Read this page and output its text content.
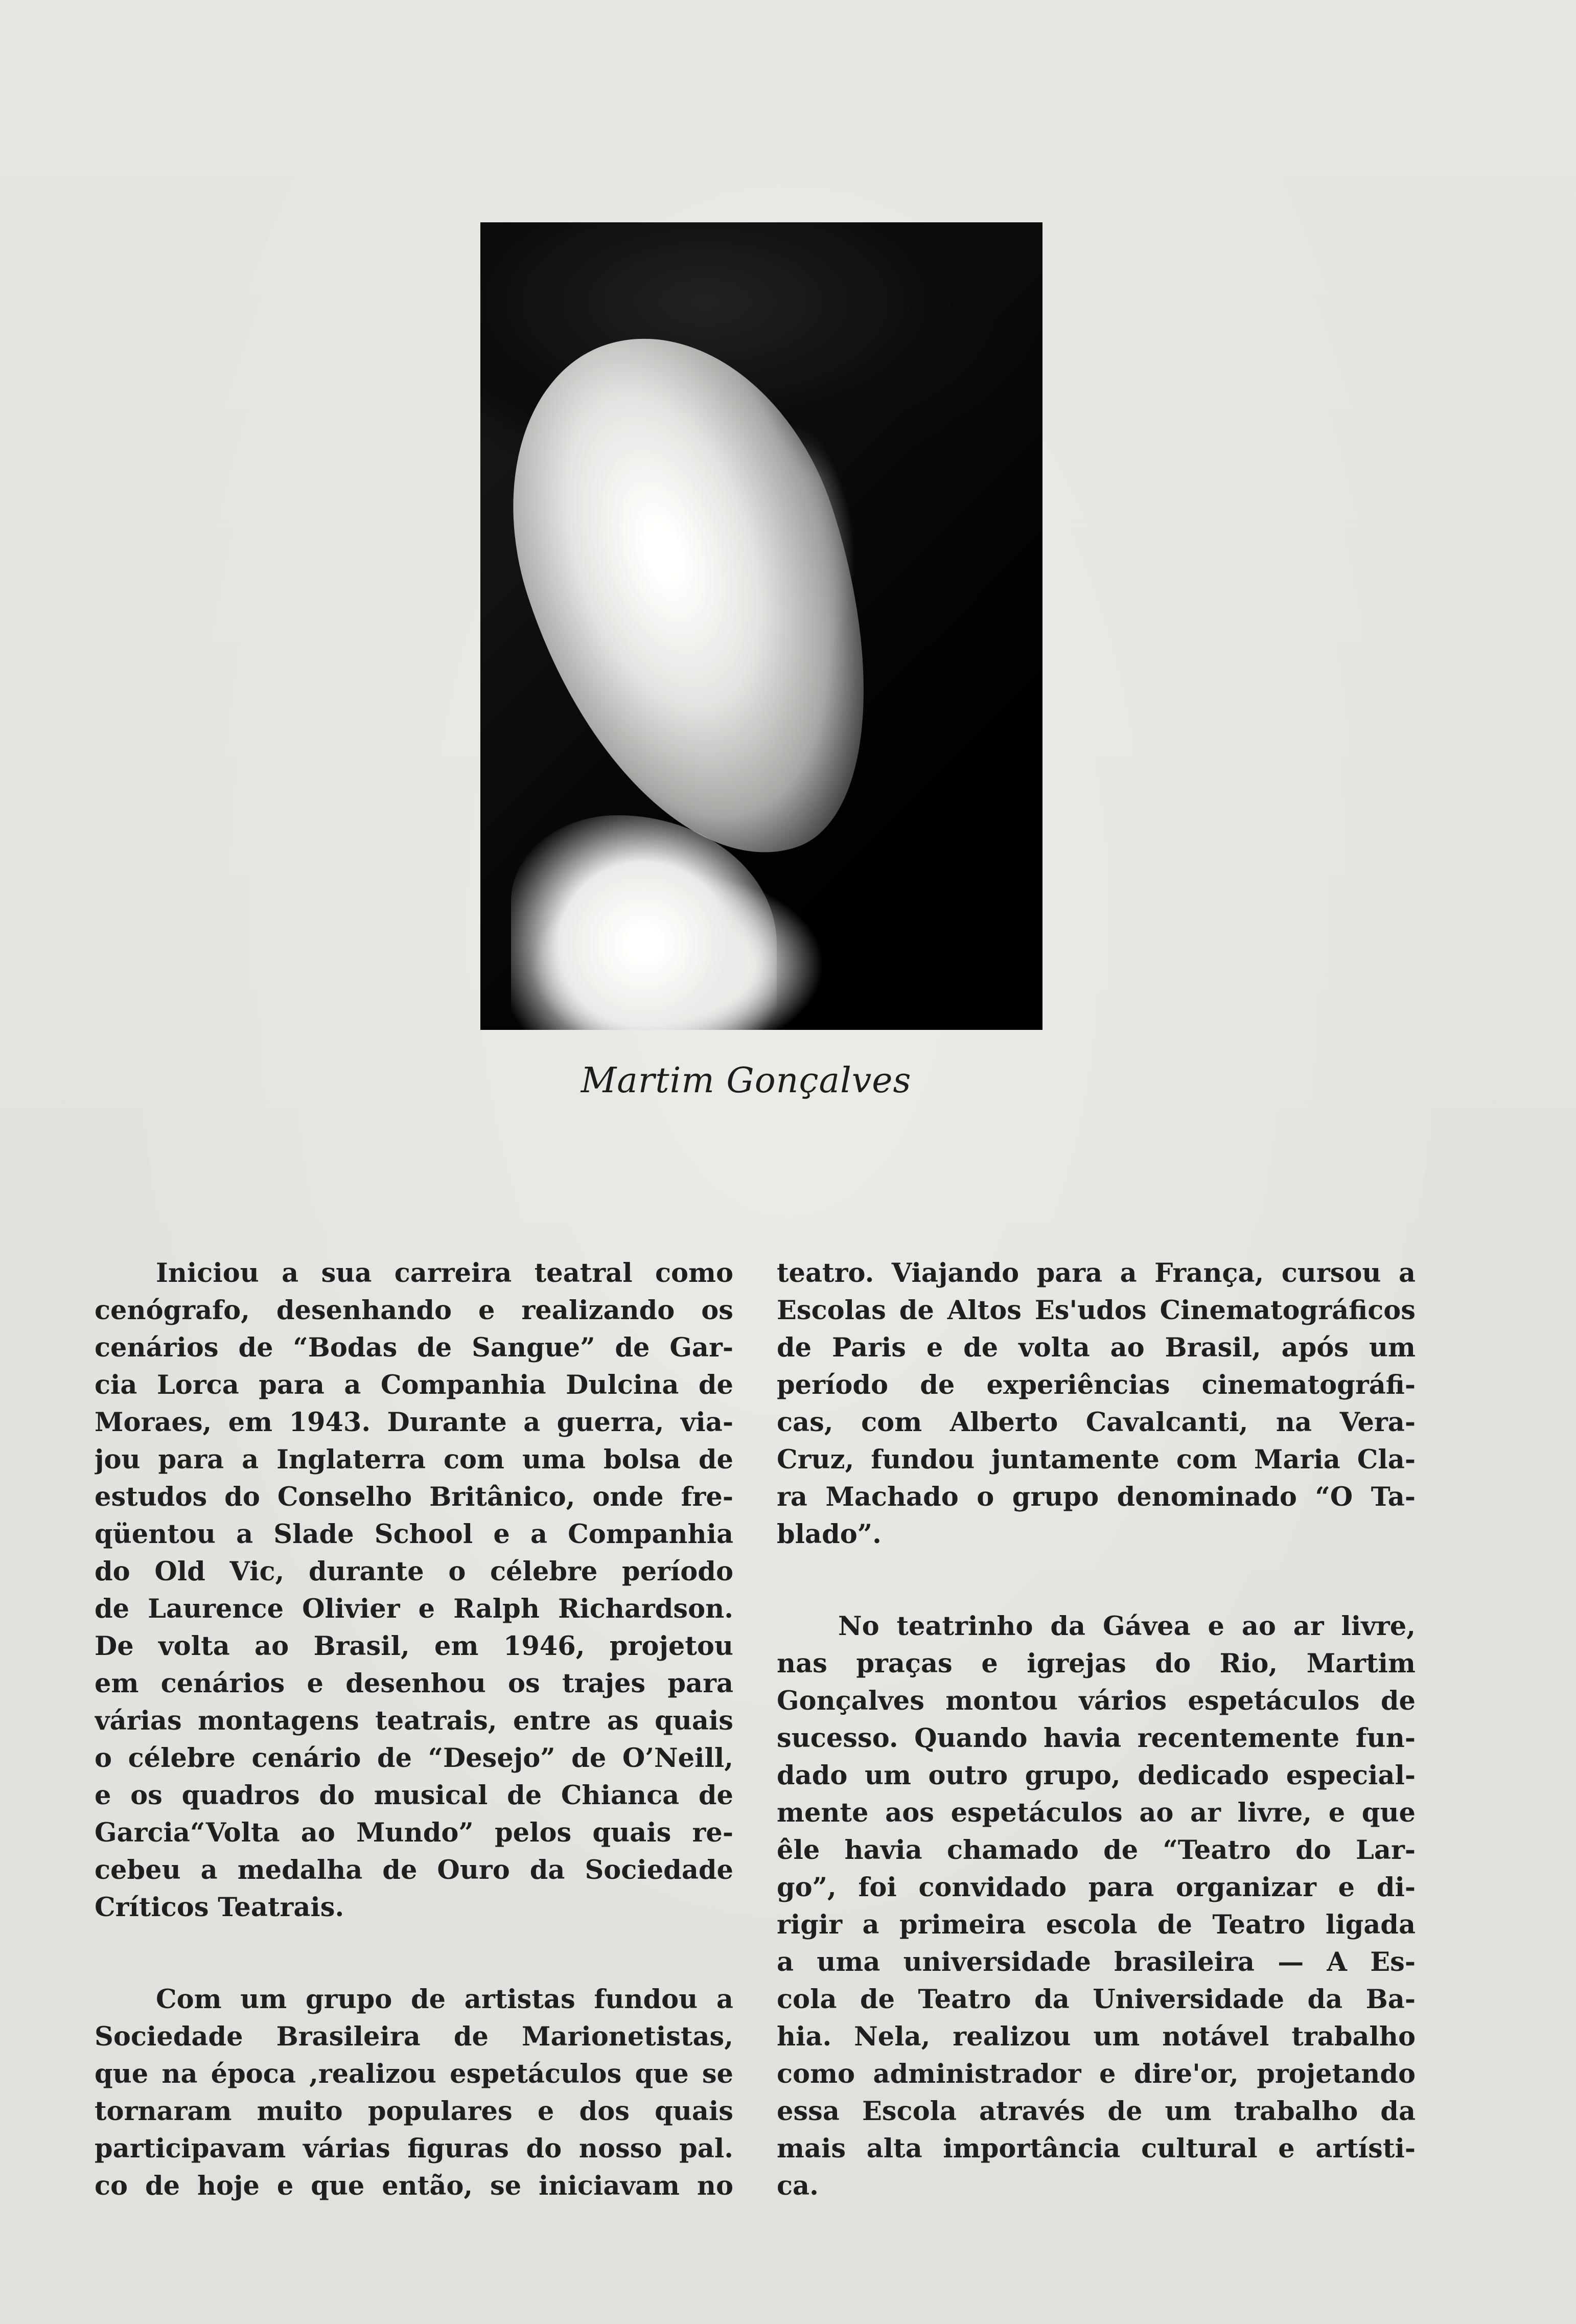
Martim Gonçalves

Iniciou a sua carreira teatral como
cenógrafo, desenhando e realizando os
cenários de “Bodas de Sangue” de Gar-
cia Lorca para a Companhia Dulcina de
Moraes, em 1943. Durante a guerra, via-
jou para a Inglaterra com uma bolsa de
estudos do Conselho Britânico, onde fre-
qüentou a Slade School e a Companhia
do Old Vic, durante o célebre período
de Laurence Olivier e Ralph Richardson.
De volta ao Brasil, em 1946, projetou
em cenários e desenhou os trajes para
várias montagens teatrais, entre as quais
o célebre cenário de “Desejo” de O’Neill,
e os quadros do musical de Chianca de
Garcia“Volta ao Mundo” pelos quais re-
cebeu a medalha de Ouro da Sociedade
Críticos Teatrais.

Com um grupo de artistas fundou a
Sociedade Brasileira de Marionetistas,
que na época ,realizou espetáculos que se
tornaram muito populares e dos quais
participavam várias figuras do nosso pal.
co de hoje e que então, se iniciavam no

teatro. Viajando para a França, cursou a
Escolas de Altos Es'udos Cinematográficos
de Paris e de volta ao Brasil, após um
período de experiências cinematográfi-
cas, com Alberto Cavalcanti, na Vera-
Cruz, fundou juntamente com Maria Cla-
ra Machado o grupo denominado “O Ta-
blado”.

No teatrinho da Gávea e ao ar livre,
nas praças e igrejas do Rio, Martim
Gonçalves montou vários espetáculos de
sucesso. Quando havia recentemente fun-
dado um outro grupo, dedicado especial-
mente aos espetáculos ao ar livre, e que
êle havia chamado de “Teatro do Lar-
go”, foi convidado para organizar e di-
rigir a primeira escola de Teatro ligada
a uma universidade brasileira — A Es-
cola de Teatro da Universidade da Ba-
hia. Nela, realizou um notável trabalho
como administrador e dire'or, projetando
essa Escola através de um trabalho da
mais alta importância cultural e artísti-
ca.
